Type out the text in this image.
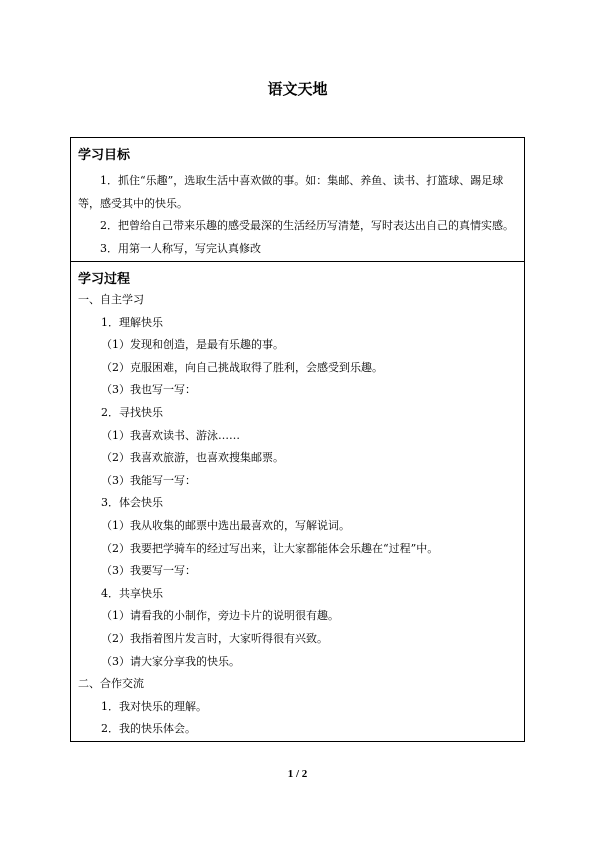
语文天地
学习目标

1．抓住“乐趣”，选取生活中喜欢做的事。如：集邮、养鱼、读书、打篮球、踢足球等，感受其中的快乐。

2．把曾给自己带来乐趣的感受最深的生活经历写清楚，写时表达出自己的真情实感。

3．用第一人称写，写完认真修改

学习过程

一、自主学习

1．理解快乐

（1）发现和创造，是最有乐趣的事。

（2）克服困难，向自己挑战取得了胜利，会感受到乐趣。

（3）我也写一写：

2．寻找快乐

（1）我喜欢读书、游泳……

（2）我喜欢旅游，也喜欢搜集邮票。

（3）我能写一写：

3．体会快乐

（1）我从收集的邮票中选出最喜欢的，写解说词。

（2）我要把学骑车的经过写出来，让大家都能体会乐趣在“过程”中。

（3）我要写一写：

4．共享快乐

（1）请看我的小制作，旁边卡片的说明很有趣。

（2）我指着图片发言时，大家听得很有兴致。

（3）请大家分享我的快乐。

二、合作交流

1．我对快乐的理解。

2．我的快乐体会。

1 / 2
